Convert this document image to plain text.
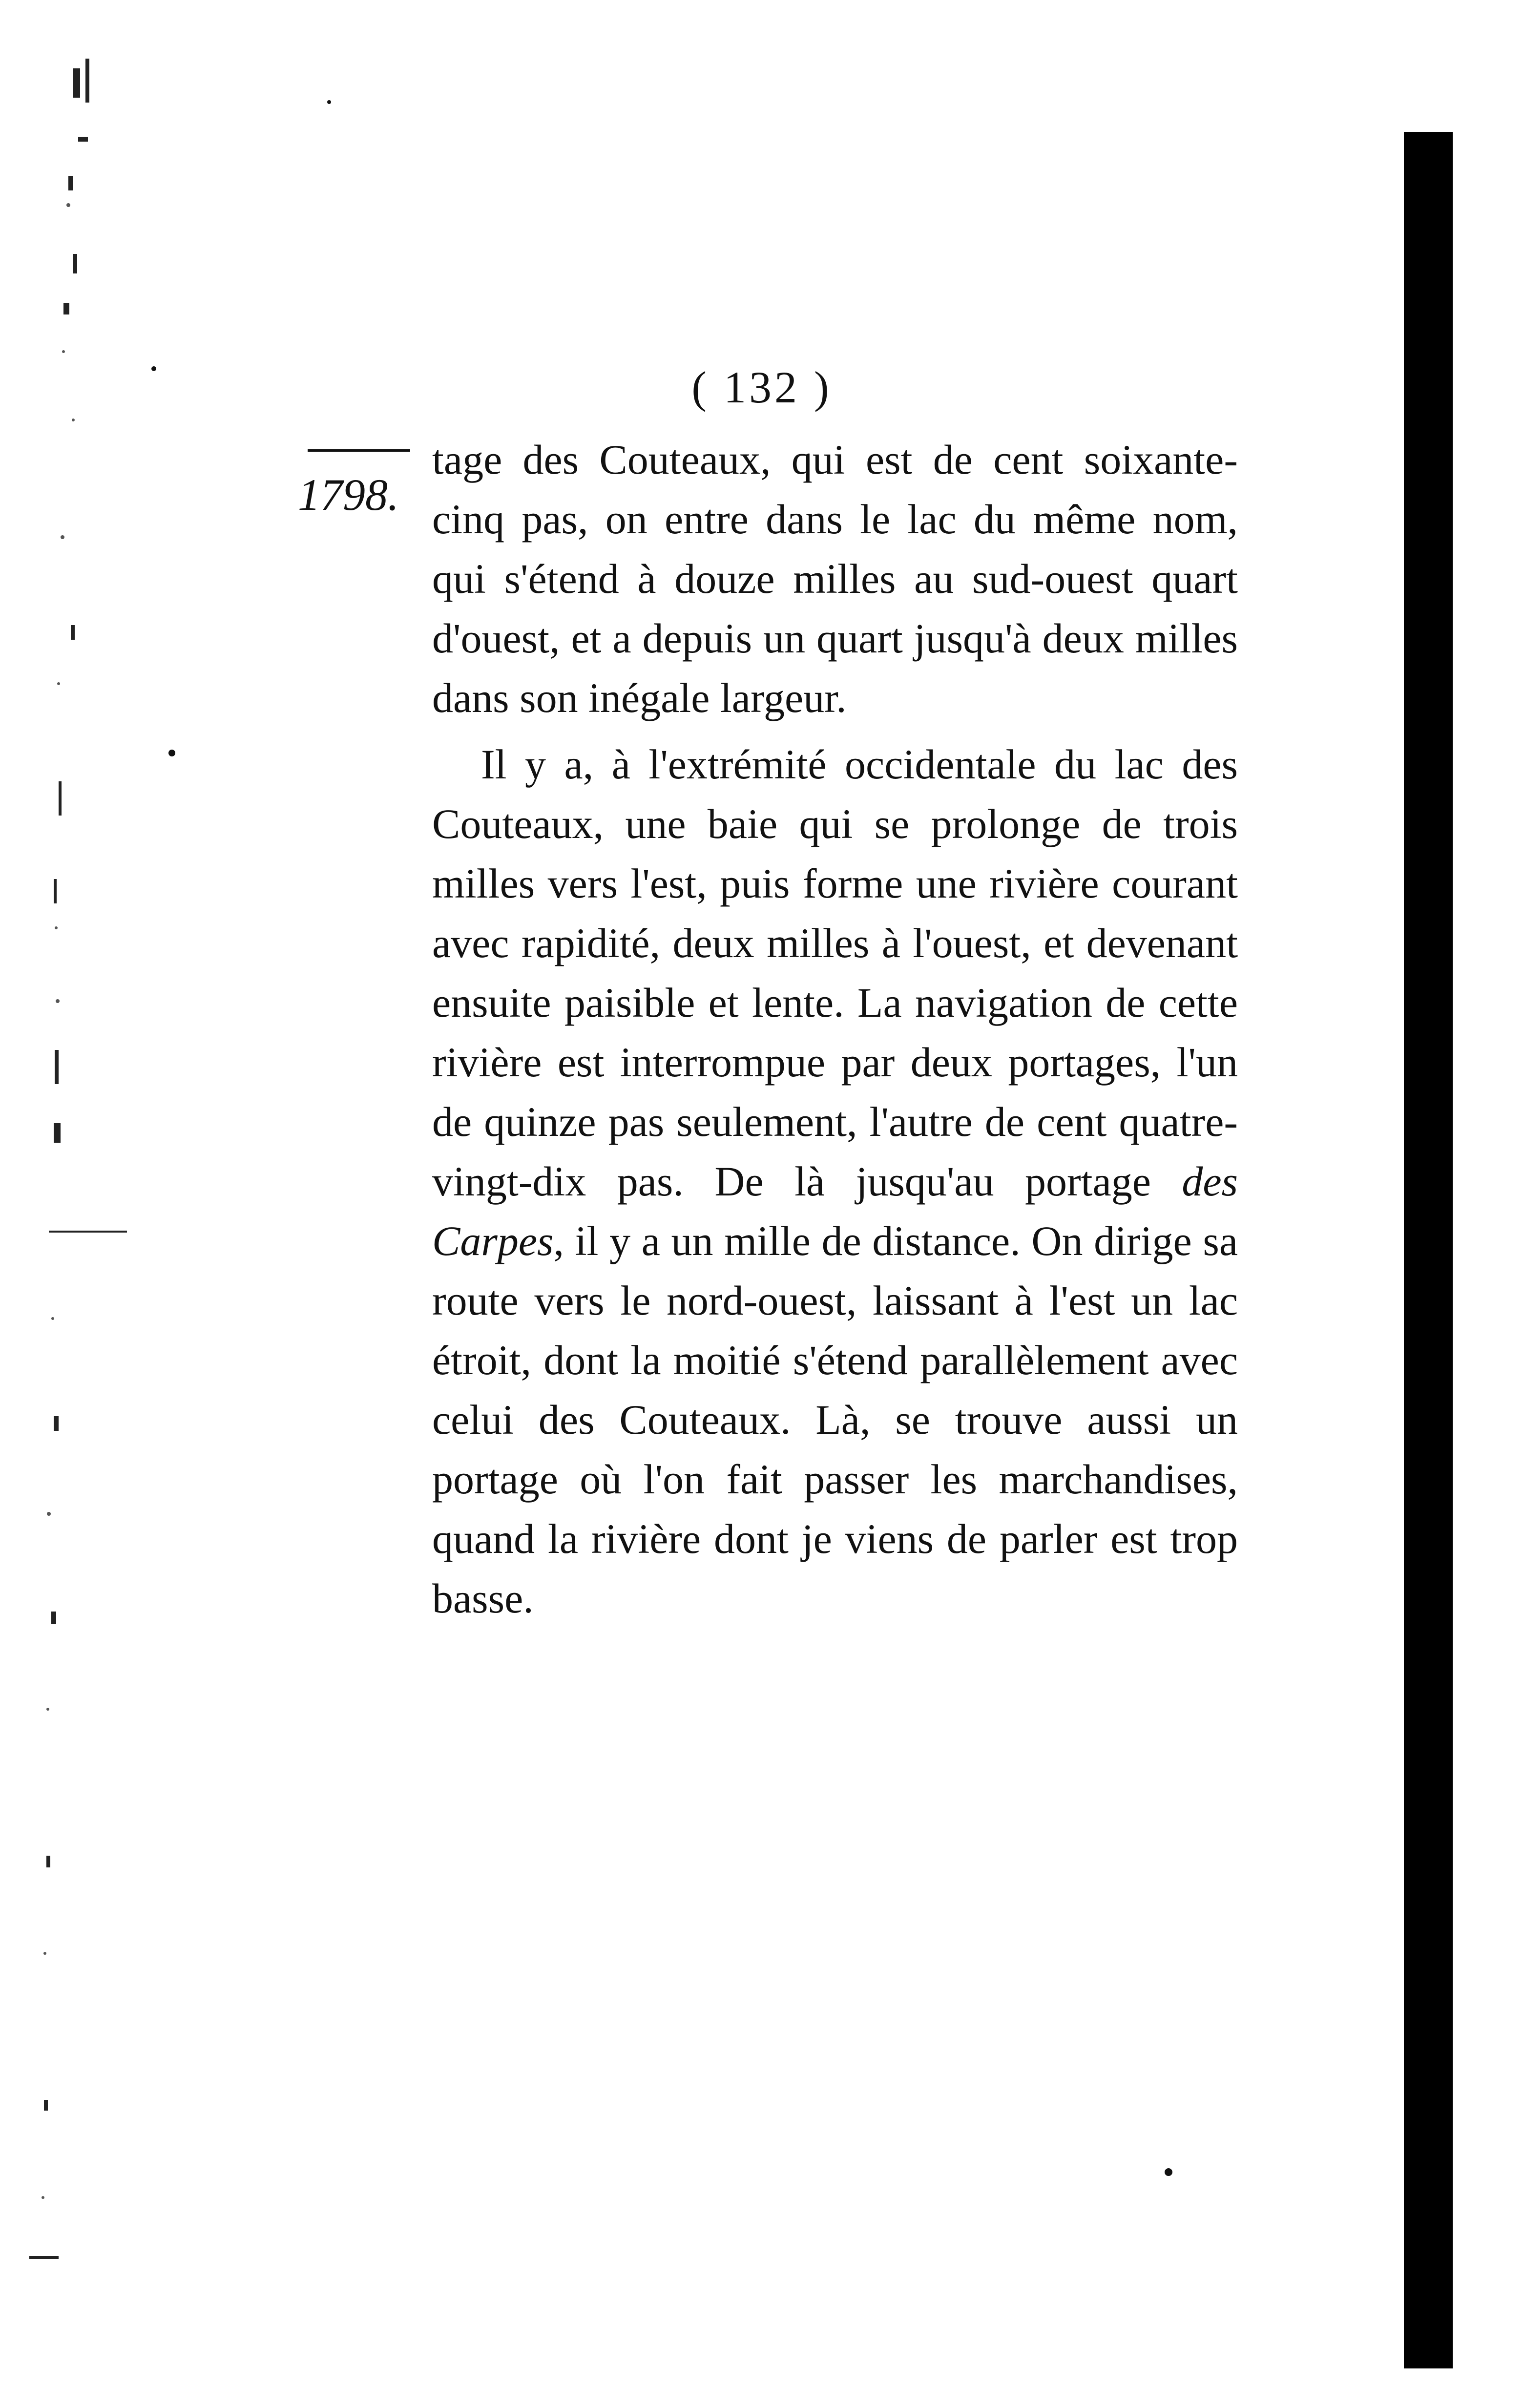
( 132 )
1798.

tage des Couteaux, qui est de cent soixante-cinq pas, on entre dans le lac du même nom, qui s'étend à douze milles au sud-ouest quart d'ouest, et a depuis un quart jusqu'à deux milles dans son inégale largeur.

Il y a, à l'extrémité occidentale du lac des Couteaux, une baie qui se prolonge de trois milles vers l'est, puis forme une rivière courant avec rapidité, deux milles à l'ouest, et devenant ensuite paisible et lente. La navigation de cette rivière est interrompue par deux portages, l'un de quinze pas seulement, l'autre de cent quatre-vingt-dix pas. De là jusqu'au portage des Carpes, il y a un mille de distance. On dirige sa route vers le nord-ouest, laissant à l'est un lac étroit, dont la moitié s'étend parallèlement avec celui des Couteaux. Là, se trouve aussi un portage où l'on fait passer les marchandises, quand la rivière dont je viens de parler est trop basse.
